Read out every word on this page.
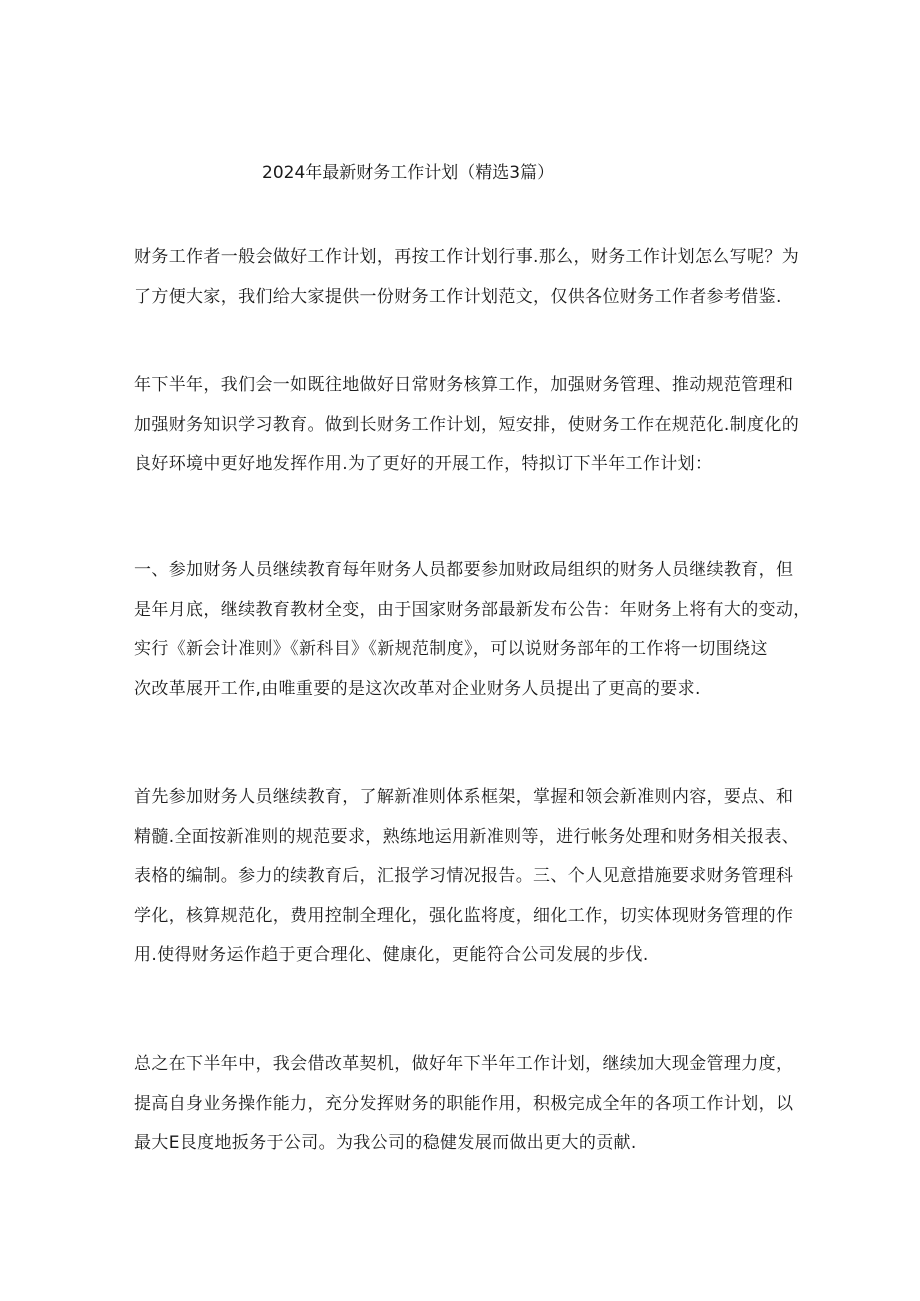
2024年最新财务工作计划（精选3篇）

财务工作者一般会做好工作计划，再按工作计划行事.那么，财务工作计划怎么写呢？为
了方便大家，我们给大家提供一份财务工作计划范文，仅供各位财务工作者参考借鉴.

年下半年，我们会一如既往地做好日常财务核算工作，加强财务管理、推动规范管理和
加强财务知识学习教育。做到长财务工作计划，短安排，使财务工作在规范化.制度化的
良好环境中更好地发挥作用.为了更好的开展工作，特拟订下半年工作计划：

一、参加财务人员继续教育每年财务人员都要参加财政局组织的财务人员继续教育，但
是年月底，继续教育教材全变，由于国家财务部最新发布公告：年财务上将有大的变动，
实行《新会计准则》《新科目》《新规范制度》，可以说财务部年的工作将一切围绕这
次改革展开工作,由唯重要的是这次改革对企业财务人员提出了更高的要求.

首先参加财务人员继续教育，了解新准则体系框架，掌握和领会新准则内容，要点、和
精髓.全面按新准则的规范要求，熟练地运用新准则等，进行帐务处理和财务相关报表、
表格的编制。参力的续教育后，汇报学习情况报告。三、个人见意措施要求财务管理科
学化，核算规范化，费用控制全理化，强化监将度，细化工作，切实体现财务管理的作
用.使得财务运作趋于更合理化、健康化，更能符合公司发展的步伐.

总之在下半年中，我会借改革契机，做好年下半年工作计划，继续加大现金管理力度，
提高自身业务操作能力，充分发挥财务的职能作用，积极完成全年的各项工作计划，以
最大E艮度地扳务于公司。为我公司的稳健发展而做出更大的贡献.
